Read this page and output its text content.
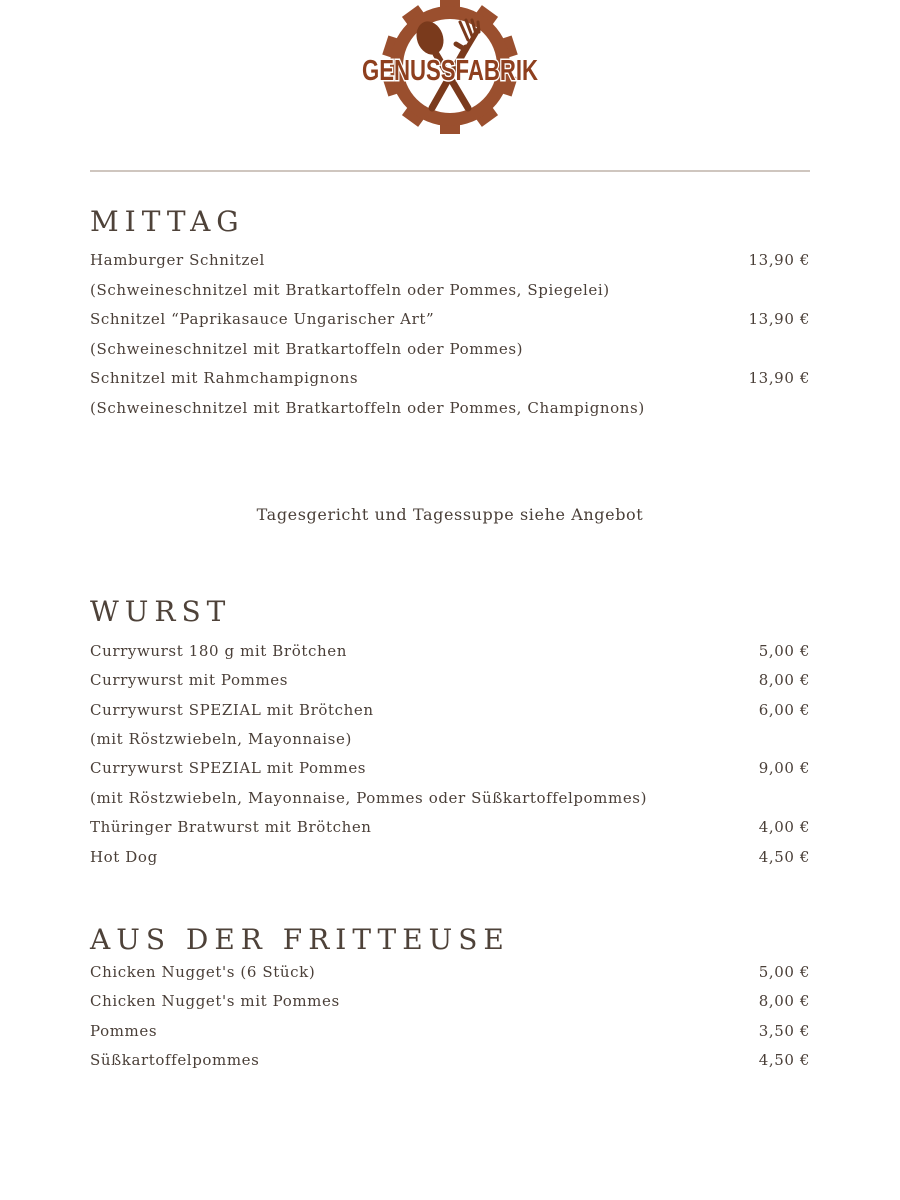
GENUSSFABRIK
MITTAG
Hamburger Schnitzel	13,90 €
(Schweineschnitzel mit Bratkartoffeln oder Pommes, Spiegelei)
Schnitzel “Paprikasauce Ungarischer Art”	13,90 €
(Schweineschnitzel mit Bratkartoffeln oder Pommes)
Schnitzel mit Rahmchampignons	13,90 €
(Schweineschnitzel mit Bratkartoffeln oder Pommes, Champignons)
Tagesgericht und Tagessuppe siehe Angebot
WURST
Currywurst 180 g mit Brötchen	5,00 €
Currywurst mit Pommes	8,00 €
Currywurst SPEZIAL mit Brötchen	6,00 €
(mit Röstzwiebeln, Mayonnaise)
Currywurst SPEZIAL mit Pommes	9,00 €
(mit Röstzwiebeln, Mayonnaise, Pommes oder Süßkartoffelpommes)
Thüringer Bratwurst mit Brötchen	4,00 €
Hot Dog	4,50 €
AUS DER FRITTEUSE
Chicken Nugget's (6 Stück)	5,00 €
Chicken Nugget's mit Pommes	8,00 €
Pommes	3,50 €
Süßkartoffelpommes	4,50 €
